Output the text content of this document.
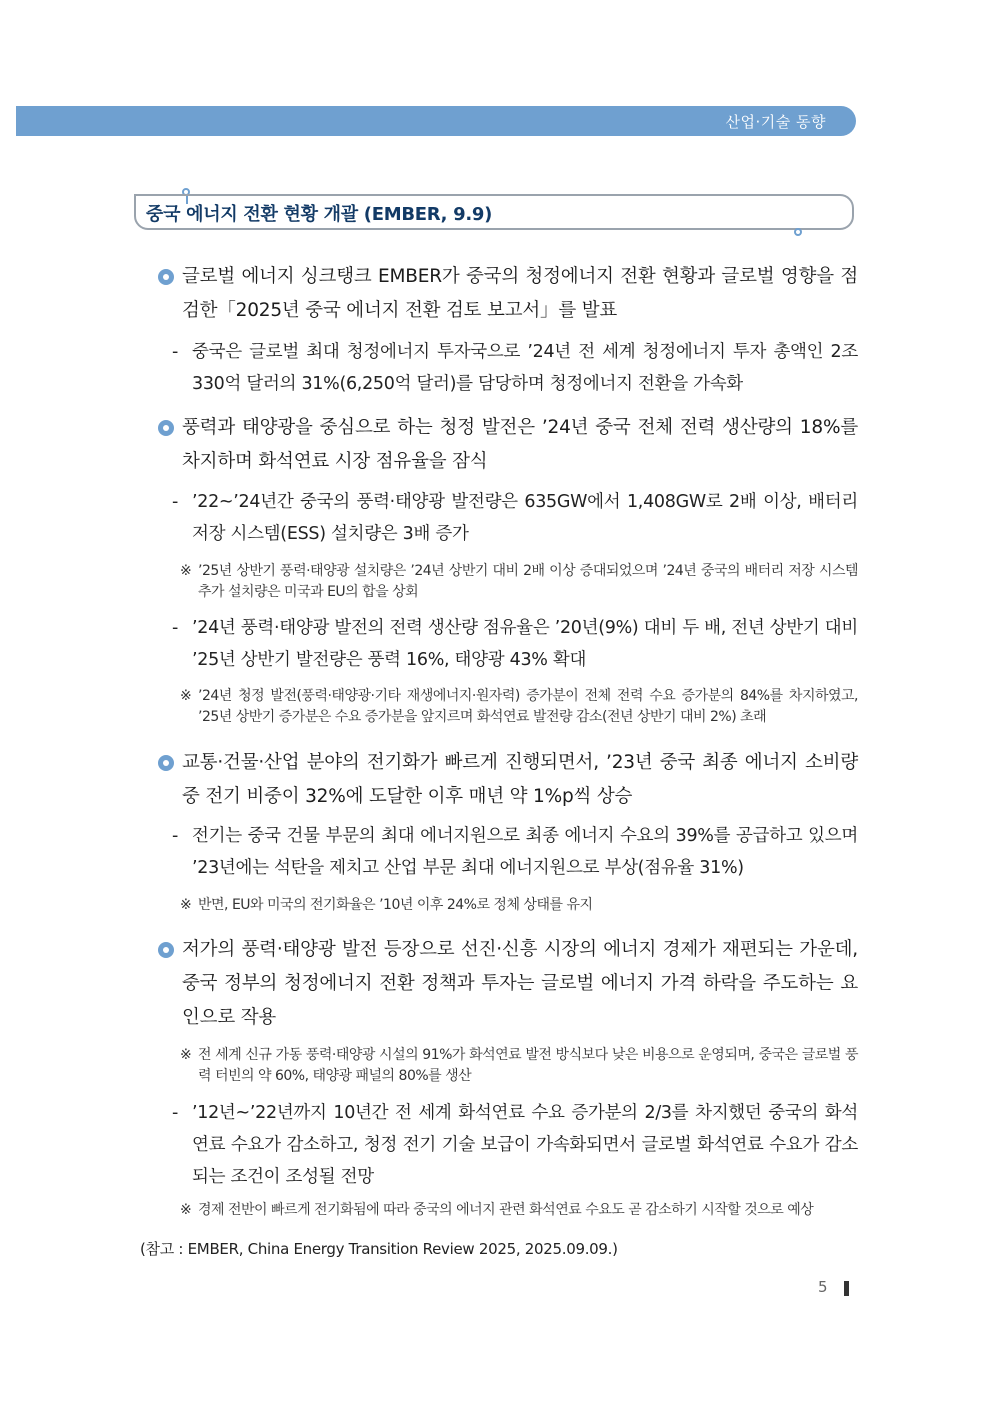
산업·기술 동향
중국 에너지 전환 현황 개괄 (EMBER, 9.9)
글로벌 에너지 싱크탱크 EMBER가 중국의 청정에너지 전환 현황과 글로벌 영향을 점검한「2025년 중국 에너지 전환 검토 보고서」를 발표
- 중국은 글로벌 최대 청정에너지 투자국으로 ’24년 전 세계 청정에너지 투자 총액인 2조 330억 달러의 31%(6,250억 달러)를 담당하며 청정에너지 전환을 가속화
풍력과 태양광을 중심으로 하는 청정 발전은 ’24년 중국 전체 전력 생산량의 18%를 차지하며 화석연료 시장 점유율을 잠식
- ’22~’24년간 중국의 풍력·태양광 발전량은 635GW에서 1,408GW로 2배 이상, 배터리 저장 시스템(ESS) 설치량은 3배 증가
※ ’25년 상반기 풍력·태양광 설치량은 ’24년 상반기 대비 2배 이상 증대되었으며 ’24년 중국의 배터리 저장 시스템 추가 설치량은 미국과 EU의 합을 상회
- ’24년 풍력·태양광 발전의 전력 생산량 점유율은 ’20년(9%) 대비 두 배, 전년 상반기 대비 ’25년 상반기 발전량은 풍력 16%, 태양광 43% 확대
※ ’24년 청정 발전(풍력·태양광·기타 재생에너지·원자력) 증가분이 전체 전력 수요 증가분의 84%를 차지하였고, ’25년 상반기 증가분은 수요 증가분을 앞지르며 화석연료 발전량 감소(전년 상반기 대비 2%) 초래
교통·건물·산업 분야의 전기화가 빠르게 진행되면서, ’23년 중국 최종 에너지 소비량 중 전기 비중이 32%에 도달한 이후 매년 약 1%p씩 상승
- 전기는 중국 건물 부문의 최대 에너지원으로 최종 에너지 수요의 39%를 공급하고 있으며 ’23년에는 석탄을 제치고 산업 부문 최대 에너지원으로 부상(점유율 31%)
※ 반면, EU와 미국의 전기화율은 ’10년 이후 24%로 정체 상태를 유지
저가의 풍력·태양광 발전 등장으로 선진·신흥 시장의 에너지 경제가 재편되는 가운데, 중국 정부의 청정에너지 전환 정책과 투자는 글로벌 에너지 가격 하락을 주도하는 요인으로 작용
※ 전 세계 신규 가동 풍력·태양광 시설의 91%가 화석연료 발전 방식보다 낮은 비용으로 운영되며, 중국은 글로벌 풍력 터빈의 약 60%, 태양광 패널의 80%를 생산
- ’12년~’22년까지 10년간 전 세계 화석연료 수요 증가분의 2/3를 차지했던 중국의 화석연료 수요가 감소하고, 청정 전기 기술 보급이 가속화되면서 글로벌 화석연료 수요가 감소되는 조건이 조성될 전망
※ 경제 전반이 빠르게 전기화됨에 따라 중국의 에너지 관련 화석연료 수요도 곧 감소하기 시작할 것으로 예상
(참고 : EMBER, China Energy Transition Review 2025, 2025.09.09.)
5
